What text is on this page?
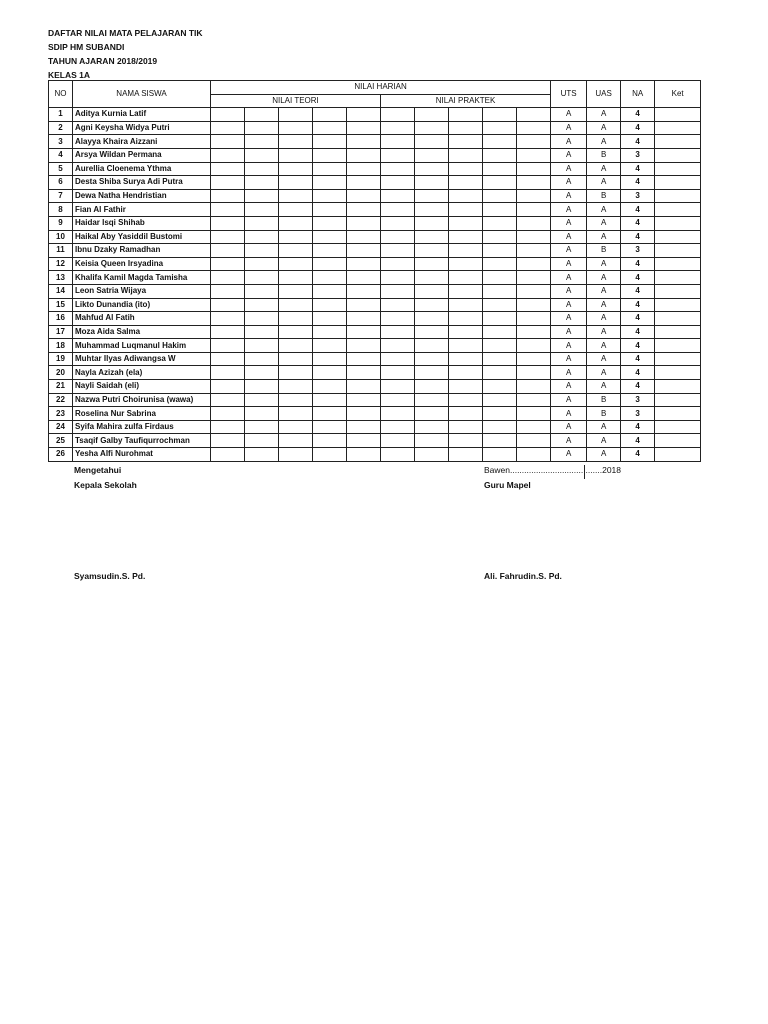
DAFTAR NILAI MATA PELAJARAN TIK
SDIP HM SUBANDI
TAHUN AJARAN 2018/2019
KELAS 1A
NO	NAMA SISWA	NILAI HARIAN										UTS	UAS	NA	Ket
		NILAI TEORI					NILAI PRAKTEK								
1	Aditya Kurnia Latif											A	A	4	
2	Agni Keysha Widya Putri											A	A	4	
3	Alayya Khaira Aizzani											A	A	4	
4	Arsya Wildan Permana											A	B	3	
5	Aurellia Cloenema Ythma											A	A	4	
6	Desta Shiba Surya Adi Putra											A	A	4	
7	Dewa Natha Hendristian											A	B	3	
8	Fian Al Fathir											A	A	4	
9	Haidar Isqi Shihab											A	A	4	
10	Haikal Aby Yasiddil Bustomi											A	A	4	
11	Ibnu Dzaky Ramadhan											A	B	3	
12	Keisia Queen Irsyadina											A	A	4	
13	Khalifa Kamil Magda Tamisha											A	A	4	
14	Leon Satria Wijaya											A	A	4	
15	Likto Dunandia (ito)											A	A	4	
16	Mahfud Al Fatih											A	A	4	
17	Moza Aida Salma											A	A	4	
18	Muhammad Luqmanul Hakim											A	A	4	
19	Muhtar Ilyas Adiwangsa W											A	A	4	
20	Nayla Azizah (ela)											A	A	4	
21	Nayli Saidah (eli)											A	A	4	
22	Nazwa Putri Choirunisa (wawa)											A	B	3	
23	Roselina Nur Sabrina											A	B	3	
24	Syifa Mahira zulfa Firdaus											A	A	4	
25	Tsaqif Galby Taufiqurrochman											A	A	4	
26	Yesha Alfi Nurohmat											A	A	4	
Mengetahui
Kepala Sekolah
Bawen.......................................2018
Guru Mapel
Syamsudin.S. Pd.	Ali. Fahrudin.S. Pd.
